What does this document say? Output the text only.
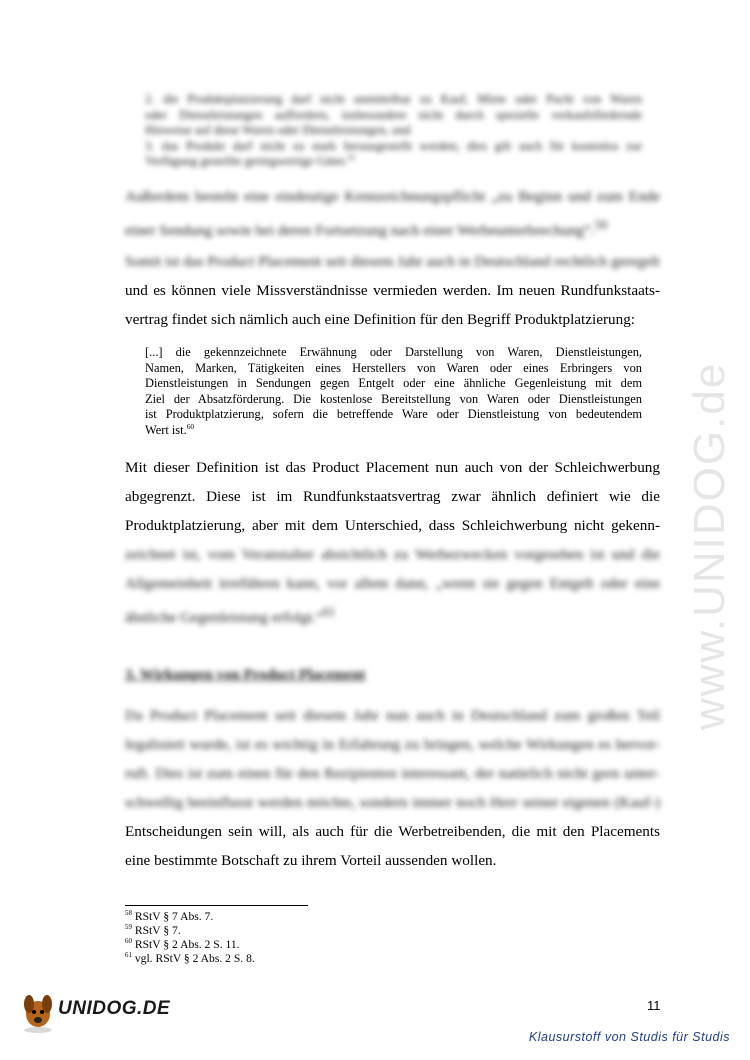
www.UNIDOG.de
2. die Produktplatzierung darf nicht unmittelbar zu Kauf, Miete oder Pacht von Waren
oder Dienstleistungen auffordern, insbesondere nicht durch spezielle verkaufsfördernde
Hinweise auf diese Waren oder Dienstleistungen, und
3. das Produkt darf nicht zu stark herausgestellt werden; dies gilt auch für kostenlos zur
Verfügung gestellte geringwertige Güter.$^{59}$
Außerdem besteht eine eindeutige Kennzeichnungspflicht „zu Beginn und zum Ende
einer Sendung sowie bei deren Fortsetzung nach einer Werbeunterbrechung“.$^{59}$
Somit ist das Product Placement seit diesem Jahr auch in Deutschland rechtlich geregelt
und es können viele Missverständnisse vermieden werden. Im neuen Rundfunkstaats-
vertrag findet sich nämlich auch eine Definition für den Begriff Produktplatzierung:
[...] die gekennzeichnete Erwähnung oder Darstellung von Waren, Dienstleistungen,
Namen, Marken, Tätigkeiten eines Herstellers von Waren oder eines Erbringers von
Dienstleistungen in Sendungen gegen Entgelt oder eine ähnliche Gegenleistung mit dem
Ziel der Absatzförderung. Die kostenlose Bereitstellung von Waren oder Dienstleistungen
ist Produktplatzierung, sofern die betreffende Ware oder Dienstleistung von bedeutendem
Wert ist.$^{60}$
Mit dieser Definition ist das Product Placement nun auch von der Schleichwerbung
abgegrenzt. Diese ist im Rundfunkstaatsvertrag zwar ähnlich definiert wie die
Produktplatzierung, aber mit dem Unterschied, dass Schleichwerbung nicht gekenn-
zeichnet ist, vom Veranstalter absichtlich zu Werbezwecken vorgesehen ist und die
Allgemeinheit irreführen kann, vor allem dann, „wenn sie gegen Entgelt oder eine
ähnliche Gegenleistung erfolgt.“$^{61}$
3. Wirkungen von Product Placement
Da Product Placement seit diesem Jahr nun auch in Deutschland zum großen Teil
legalisiert wurde, ist es wichtig in Erfahrung zu bringen, welche Wirkungen es hervor-
ruft. Dies ist zum einen für den Rezipienten interessant, der natürlich nicht gern unter-
schwellig beeinflusst werden möchte, sondern immer noch Herr seiner eigenen (Kauf-)
Entscheidungen sein will, als auch für die Werbetreibenden, die mit den Placements
eine bestimmte Botschaft zu ihrem Vorteil aussenden wollen.
$^{58}$ RStV § 7 Abs. 7.
$^{59}$ RStV § 7.
$^{60}$ RStV § 2 Abs. 2 S. 11.
$^{61}$ vgl. RStV § 2 Abs. 2 S. 8.
11
UNIDOG.DE
Klausurstoff von Studis für Studis
